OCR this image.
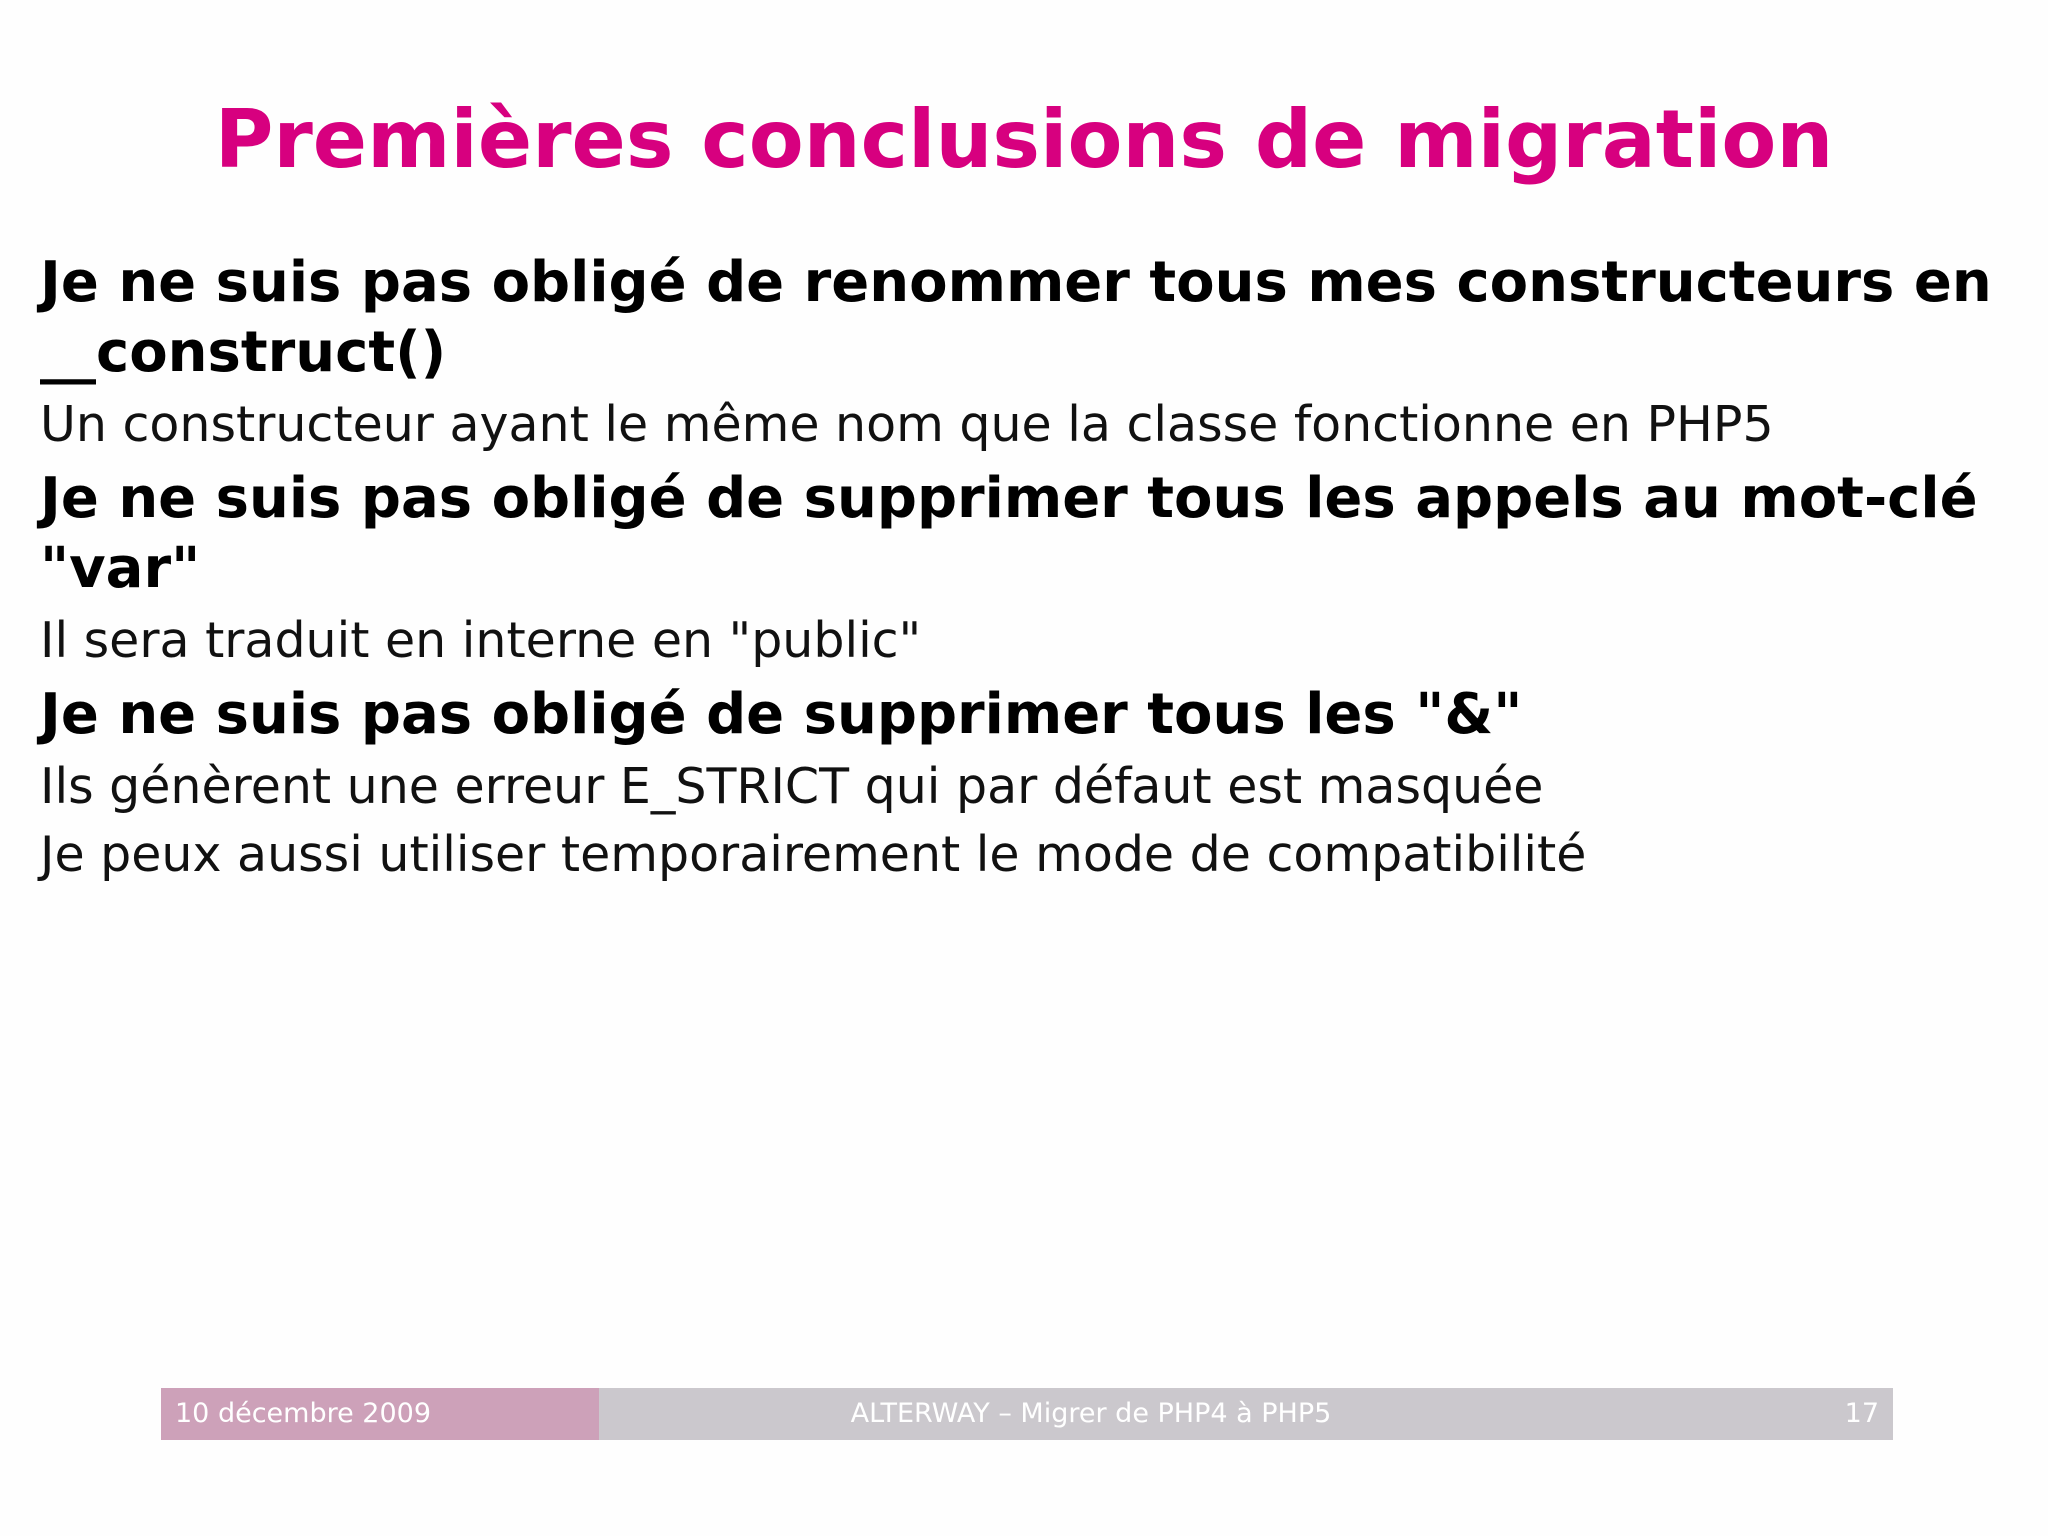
Premières conclusions de migration

Je ne suis pas obligé de renommer tous mes constructeurs en __construct()

Un constructeur ayant le même nom que la classe fonctionne en PHP5

Je ne suis pas obligé de supprimer tous les appels au mot-clé "var"

Il sera traduit en interne en "public"

Je ne suis pas obligé de supprimer tous les "&"

Ils génèrent une erreur E_STRICT qui par défaut est masquée

Je peux aussi utiliser temporairement le mode de compatibilité

10 décembre 2009	ALTERWAY – Migrer de PHP4 à PHP5	17
